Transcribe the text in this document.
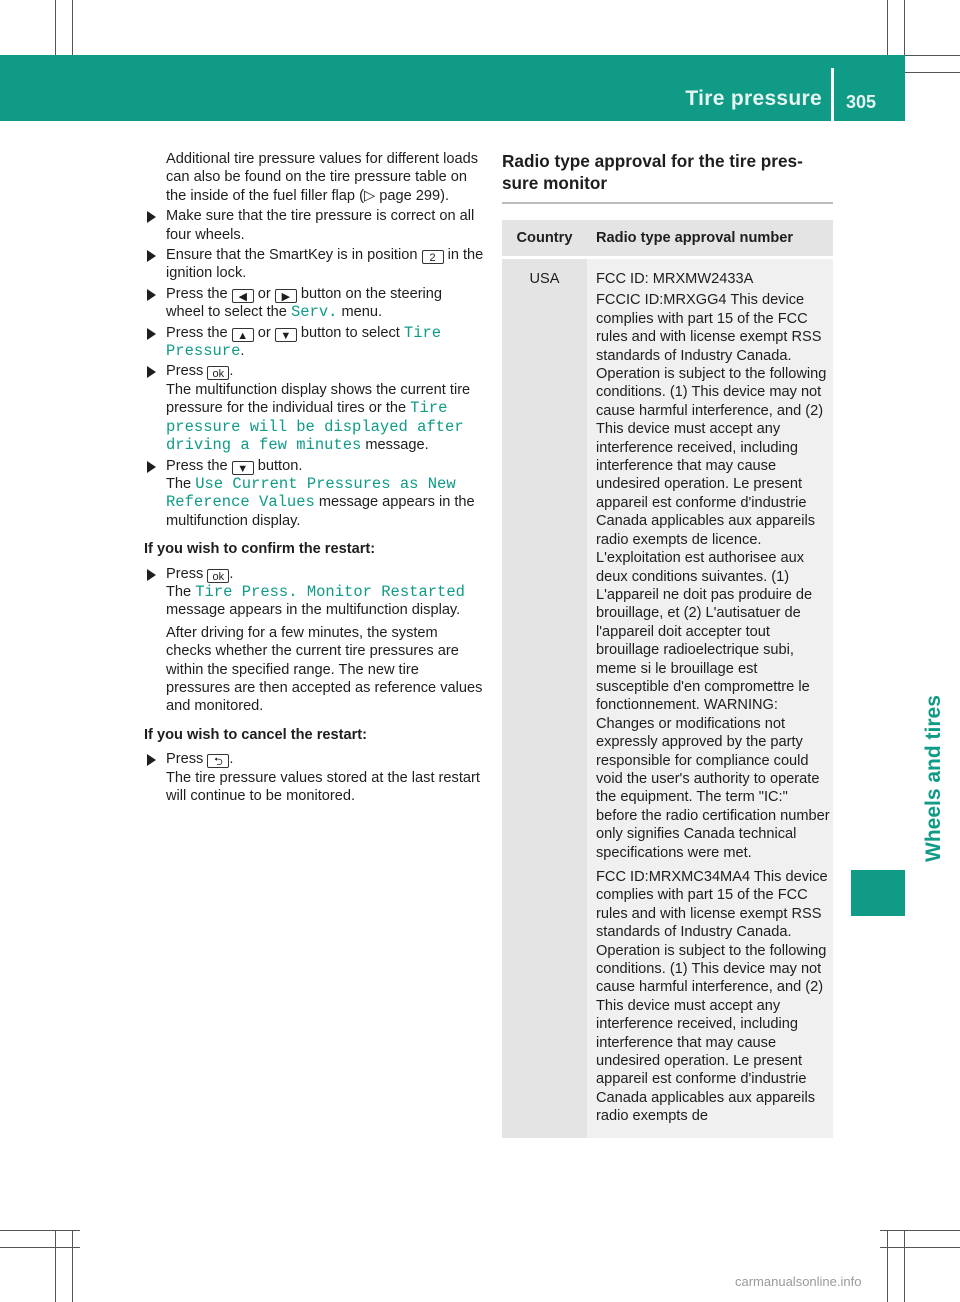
Tire pressure 305
Wheels and tires

Additional tire pressure values for different loads can also be found on the tire pressure table on the inside of the fuel filler flap (▷ page 299).

Make sure that the tire pressure is correct on all four wheels.
Ensure that the SmartKey is in position 2 in the ignition lock.
Press the ◀ or ▶ button on the steering wheel to select the Serv. menu.
Press the ▲ or ▼ button to select Tire Pressure.
Press ok .
The multifunction display shows the current tire pressure for the individual tires or the Tire pressure will be displayed after driving a few minutes message.
Press the ▼ button.
The Use Current Pressures as New Reference Values message appears in the multifunction display.
If you wish to confirm the restart:
Press ok .
The Tire Press. Monitor Restarted message appears in the multifunction display.

After driving for a few minutes, the system checks whether the current tire pressures are within the specified range. The new tire pressures are then accepted as reference values and monitored.

If you wish to cancel the restart:
Press ⮌ .
The tire pressure values stored at the last restart will continue to be monitored.
Radio type approval for the tire pressure monitor
Country	Radio type approval number
USA	FCC ID: MRXMW2433A

FCCIC ID:MRXGG4 This device complies with part 15 of the FCC rules and with license exempt RSS standards of Industry Canada. Operation is subject to the following conditions. (1) This device may not cause harmful interference, and (2) This device must accept any interference received, including interference that may cause undesired operation. Le present appareil est conforme d'industrie Canada applicables aux appareils radio exempts de licence. L'exploitation est authorisee aux deux conditions suivantes. (1) L'appareil ne doit pas produire de brouillage, et (2) L'autisatuer de l'appareil doit accepter tout brouillage radioelectrique subi, meme si le brouillage est susceptible d'en compromettre le fonctionnement. WARNING: Changes or modifications not expressly approved by the party responsible for compliance could void the user's authority to operate the equipment. The term "IC:" before the radio certification number only signifies Canada technical specifications were met.

FCC ID:MRXMC34MA4 This device complies with part 15 of the FCC rules and with license exempt RSS standards of Industry Canada. Operation is subject to the following conditions. (1) This device may not cause harmful interference, and (2) This device must accept any interference received, including interference that may cause undesired operation. Le present appareil est conforme d'industrie Canada applicables aux appareils radio exempts de

carmanualsonline.info
